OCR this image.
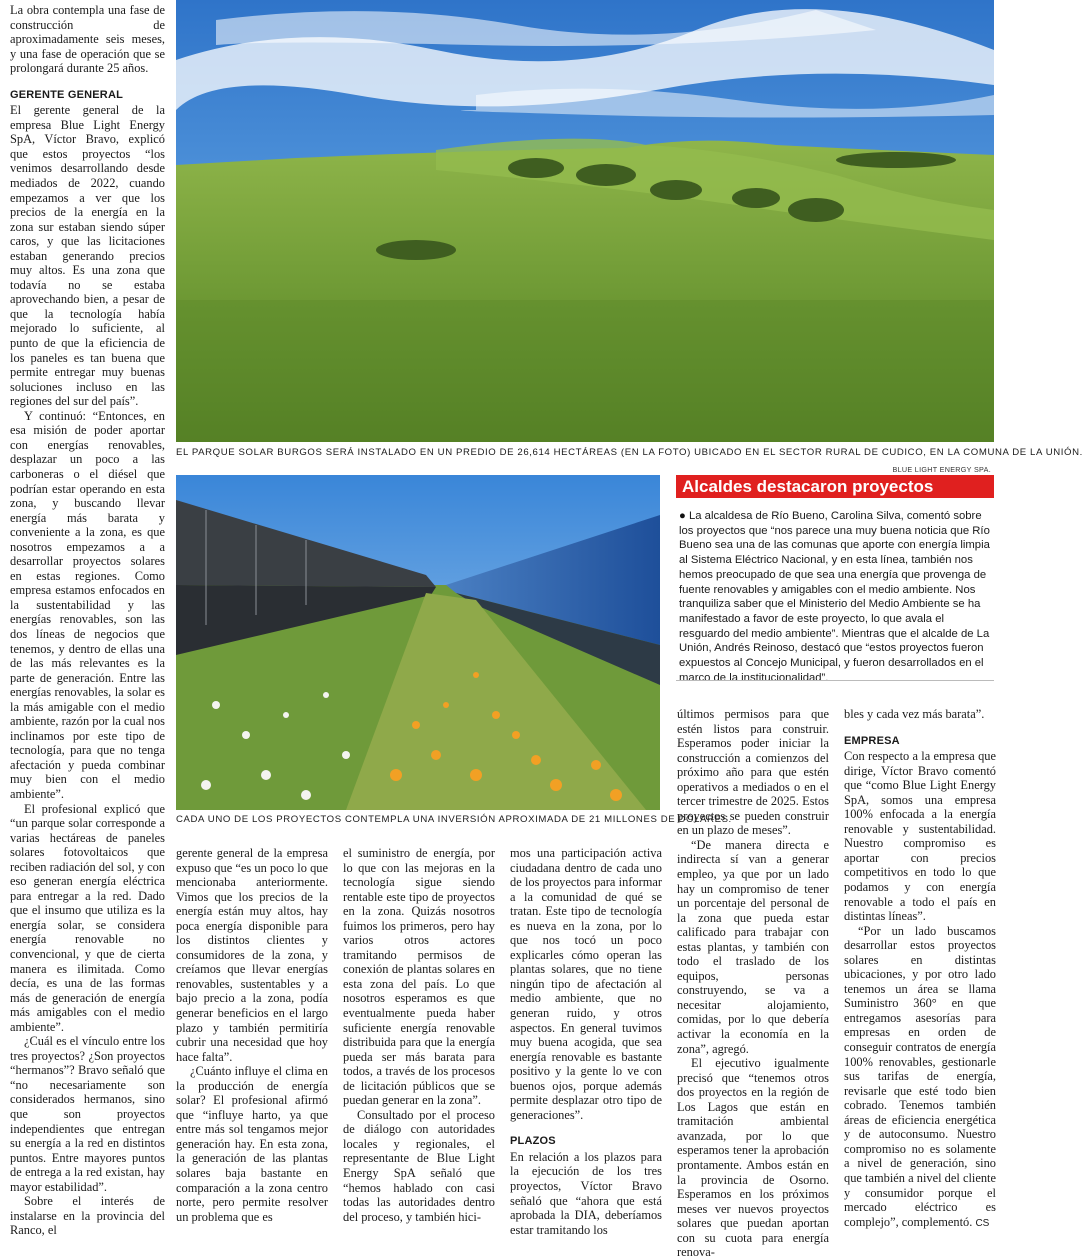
La obra contempla una fase de construcción de aproximadamente seis meses, y una fase de operación que se prolongará durante 25 años.

GERENTE GENERAL

El gerente general de la empresa Blue Light Energy SpA, Víctor Bravo, explicó que estos proyectos “los venimos desarrollando desde mediados de 2022, cuando empezamos a ver que los precios de la energía en la zona sur estaban siendo súper caros, y que las licitaciones estaban generando precios muy altos. Es una zona que todavía no se estaba aprovechando bien, a pesar de que la tecnología había mejorado lo suficiente, al punto de que la eficiencia de los paneles es tan buena que permite entregar muy buenas soluciones incluso en las regiones del sur del país”.

Y continuó: “Entonces, en esa misión de poder aportar con energías renovables, desplazar un poco a las carboneras o el diésel que podrían estar operando en esta zona, y buscando llevar energía más barata y conveniente a la zona, es que nosotros empezamos a a desarrollar proyectos solares en estas regiones. Como empresa estamos enfocados en la sustentabilidad y las energías renovables, son las dos líneas de negocios que tenemos, y dentro de ellas una de las más relevantes es la parte de generación. Entre las energías renovables, la solar es la más amigable con el medio ambiente, razón por la cual nos inclinamos por este tipo de tecnología, para que no tenga afectación y pueda combinar muy bien con el medio ambiente”.

El profesional explicó que “un parque solar corresponde a varias hectáreas de paneles solares fotovoltaicos que reciben radiación del sol, y con eso generan energía eléctrica para entregar a la red. Dado que el insumo que utiliza es la energía solar, se considera energía renovable no convencional, y que de cierta manera es ilimitada. Como decía, es una de las formas más de generación de energía más amigables con el medio ambiente”.

¿Cuál es el vínculo entre los tres proyectos? ¿Son proyectos “hermanos”? Bravo señaló que “no necesariamente son considerados hermanos, sino que son proyectos independientes que entregan su energía a la red en distintos puntos. Entre mayores puntos de entrega a la red existan, hay mayor estabilidad”.

Sobre el interés de instalarse en la provincia del Ranco, el

EL PARQUE SOLAR BURGOS SERÁ INSTALADO EN UN PREDIO DE 26,614 HECTÁREAS (EN LA FOTO) UBICADO EN EL SECTOR RURAL DE CUDICO, EN LA COMUNA DE LA UNIÓN.
BLUE LIGHT ENERGY SPA.
CADA UNO DE LOS PROYECTOS CONTEMPLA UNA INVERSIÓN APROXIMADA DE 21 MILLONES DE DÓLARES.
Alcaldes destacaron proyectos
● La alcaldesa de Río Bueno, Carolina Silva, comentó sobre los proyectos que “nos parece una muy buena noticia que Río Bueno sea una de las comunas que aporte con energía limpia al Sistema Eléctrico Nacional, y en esta línea, también nos hemos preocupado de que sea una energía que provenga de fuente renovables y amigables con el medio ambiente. Nos tranquiliza saber que el Ministerio del Medio Ambiente se ha manifestado a favor de este proyecto, lo que avala el resguardo del medio ambiente”. Mientras que el alcalde de La Unión, Andrés Reinoso, destacó que “estos proyectos fueron expuestos al Concejo Municipal, y fueron desarrollados en el marco de la institucionalidad”.

gerente general de la empresa expuso que “es un poco lo que mencionaba anteriormente. Vimos que los precios de la energía están muy altos, hay poca energía disponible para los distintos clientes y consumidores de la zona, y creíamos que llevar energías renovables, sustentables y a bajo precio a la zona, podía generar beneficios en el largo plazo y también permitiría cubrir una necesidad que hoy hace falta”.

¿Cuánto influye el clima en la producción de energía solar? El profesional afirmó que “influye harto, ya que entre más sol tengamos mejor generación hay. En esta zona, la generación de las plantas solares baja bastante en comparación a la zona centro norte, pero permite resolver un problema que es

el suministro de energía, por lo que con las mejoras en la tecnología sigue siendo rentable este tipo de proyectos en la zona. Quizás nosotros fuimos los primeros, pero hay varios otros actores tramitando permisos de conexión de plantas solares en esta zona del país. Lo que nosotros esperamos es que eventualmente pueda haber suficiente energía renovable distribuida para que la energía pueda ser más barata para todos, a través de los procesos de licitación públicos que se puedan generar en la zona”.

Consultado por el proceso de diálogo con autoridades locales y regionales, el representante de Blue Light Energy SpA señaló que “hemos hablado con casi todas las autoridades dentro del proceso, y también hici-

mos una participación activa ciudadana dentro de cada uno de los proyectos para informar a la comunidad de qué se tratan. Este tipo de tecnología es nueva en la zona, por lo que nos tocó un poco explicarles cómo operan las plantas solares, que no tiene ningún tipo de afectación al medio ambiente, que no generan ruido, y otros aspectos. En general tuvimos muy buena acogida, que sea energía renovable es bastante positivo y la gente lo ve con buenos ojos, porque además permite desplazar otro tipo de generaciones”.

PLAZOS

En relación a los plazos para la ejecución de los tres proyectos, Víctor Bravo señaló que “ahora que está aprobada la DIA, deberíamos estar tramitando los

últimos permisos para que estén listos para construir. Esperamos poder iniciar la construcción a comienzos del próximo año para que estén operativos a mediados o en el tercer trimestre de 2025. Estos proyectos se pueden construir en un plazo de meses”.

“De manera directa e indirecta sí van a generar empleo, ya que por un lado hay un compromiso de tener un porcentaje del personal de la zona que pueda estar calificado para trabajar con estas plantas, y también con todo el traslado de los equipos, personas construyendo, se va a necesitar alojamiento, comidas, por lo que debería activar la economía en la zona”, agregó.

El ejecutivo igualmente precisó que “tenemos otros dos proyectos en la región de Los Lagos que están en tramitación ambiental avanzada, por lo que esperamos tener la aprobación prontamente. Ambos están en la provincia de Osorno. Esperamos en los próximos meses ver nuevos proyectos solares que puedan aportan con su cuota para energía renova-

bles y cada vez más barata”.

EMPRESA

Con respecto a la empresa que dirige, Víctor Bravo comentó que “como Blue Light Energy SpA, somos una empresa 100% enfocada a la energía renovable y sustentabilidad. Nuestro compromiso es aportar con precios competitivos en todo lo que podamos y con energía renovable a todo el país en distintas líneas”.

“Por un lado buscamos desarrollar estos proyectos solares en distintas ubicaciones, y por otro lado tenemos un área se llama Suministro 360° en que entregamos asesorías para empresas en orden de conseguir contratos de energía 100% renovables, gestionarle sus tarifas de energía, revisarle que esté todo bien cobrado. Tenemos también áreas de eficiencia energética y de autoconsumo. Nuestro compromiso no es solamente a nivel de generación, sino que también a nivel del cliente y consumidor porque el mercado eléctrico es complejo”, complementó. CS
